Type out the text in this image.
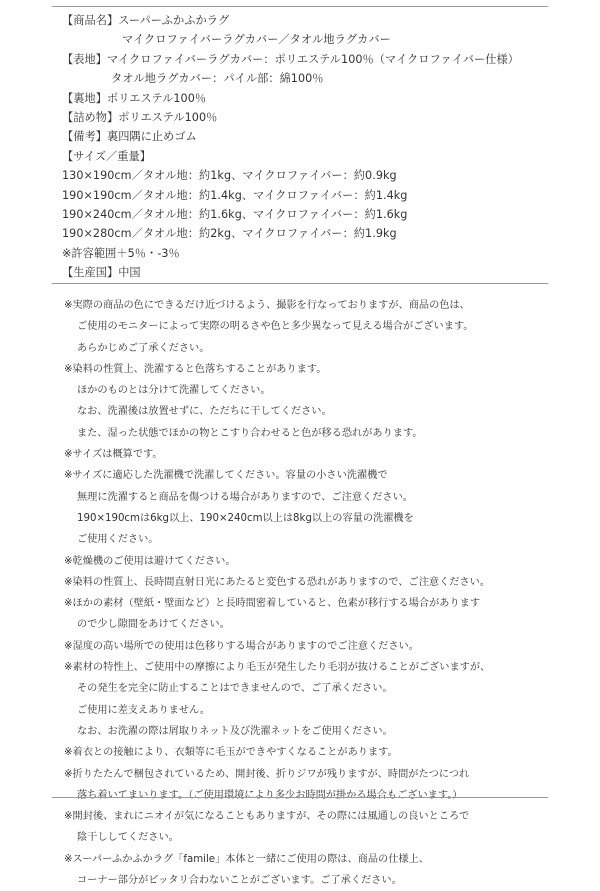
【商品名】スーパーふかふかラグ
マイクロファイバーラグカバー／タオル地ラグカバー
【表地】マイクロファイバーラグカバー：ポリエステル100％（マイクロファイバー仕様）
タオル地ラグカバー：パイル部：綿100％
【裏地】ポリエステル100％
【詰め物】ポリエステル100％
【備考】裏四隅に止めゴム
【サイズ／重量】
130×190cm／タオル地：約1kg、マイクロファイバー：約0.9kg
190×190cm／タオル地：約1.4kg、マイクロファイバー：約1.4kg
190×240cm／タオル地：約1.6kg、マイクロファイバー：約1.6kg
190×280cm／タオル地：約2kg、マイクロファイバー：約1.9kg
※許容範囲＋5％・-3％
【生産国】中国
※実際の商品の色にできるだけ近づけるよう、撮影を行なっておりますが、商品の色は、
ご使用のモニターによって実際の明るさや色と多少異なって見える場合がございます。
あらかじめご了承ください。
※染料の性質上、洗濯すると色落ちすることがあります。
ほかのものとは分けて洗濯してください。
なお、洗濯後は放置せずに、ただちに干してください。
また、湿った状態でほかの物とこすり合わせると色が移る恐れがあります。
※サイズは概算です。
※サイズに適応した洗濯機で洗濯してください。容量の小さい洗濯機で
無理に洗濯すると商品を傷つける場合がありますので、ご注意ください。
190×190cmは6kg以上、190×240cm以上は8kg以上の容量の洗濯機を
ご使用ください。
※乾燥機のご使用は避けてください。
※染料の性質上、長時間直射日光にあたると変色する恐れがありますので、ご注意ください。
※ほかの素材（壁紙・壁面など）と長時間密着していると、色素が移行する場合があります
ので少し隙間をあけてください。
※湿度の高い場所での使用は色移りする場合がありますのでご注意ください。
※素材の特性上、ご使用中の摩擦により毛玉が発生したり毛羽が抜けることがございますが、
その発生を完全に防止することはできませんので、ご了承ください。
ご使用に差支えありません。
なお、お洗濯の際は屑取りネット及び洗濯ネットをご使用ください。
※着衣との接触により、衣類等に毛玉ができやすくなることがあります。
※折りたたんで梱包されているため、開封後、折りジワが残りますが、時間がたつにつれ
落ち着いてまいります。（ご使用環境により多少お時間が掛かる場合もございます。）
※開封後、まれにニオイが気になることもありますが、その際には風通しの良いところで
陰干ししてください。
※スーパーふかふかラグ「famile」本体と一緒にご使用の際は、商品の仕様上、
コーナー部分がピッタリ合わないことがございます。ご了承ください。
